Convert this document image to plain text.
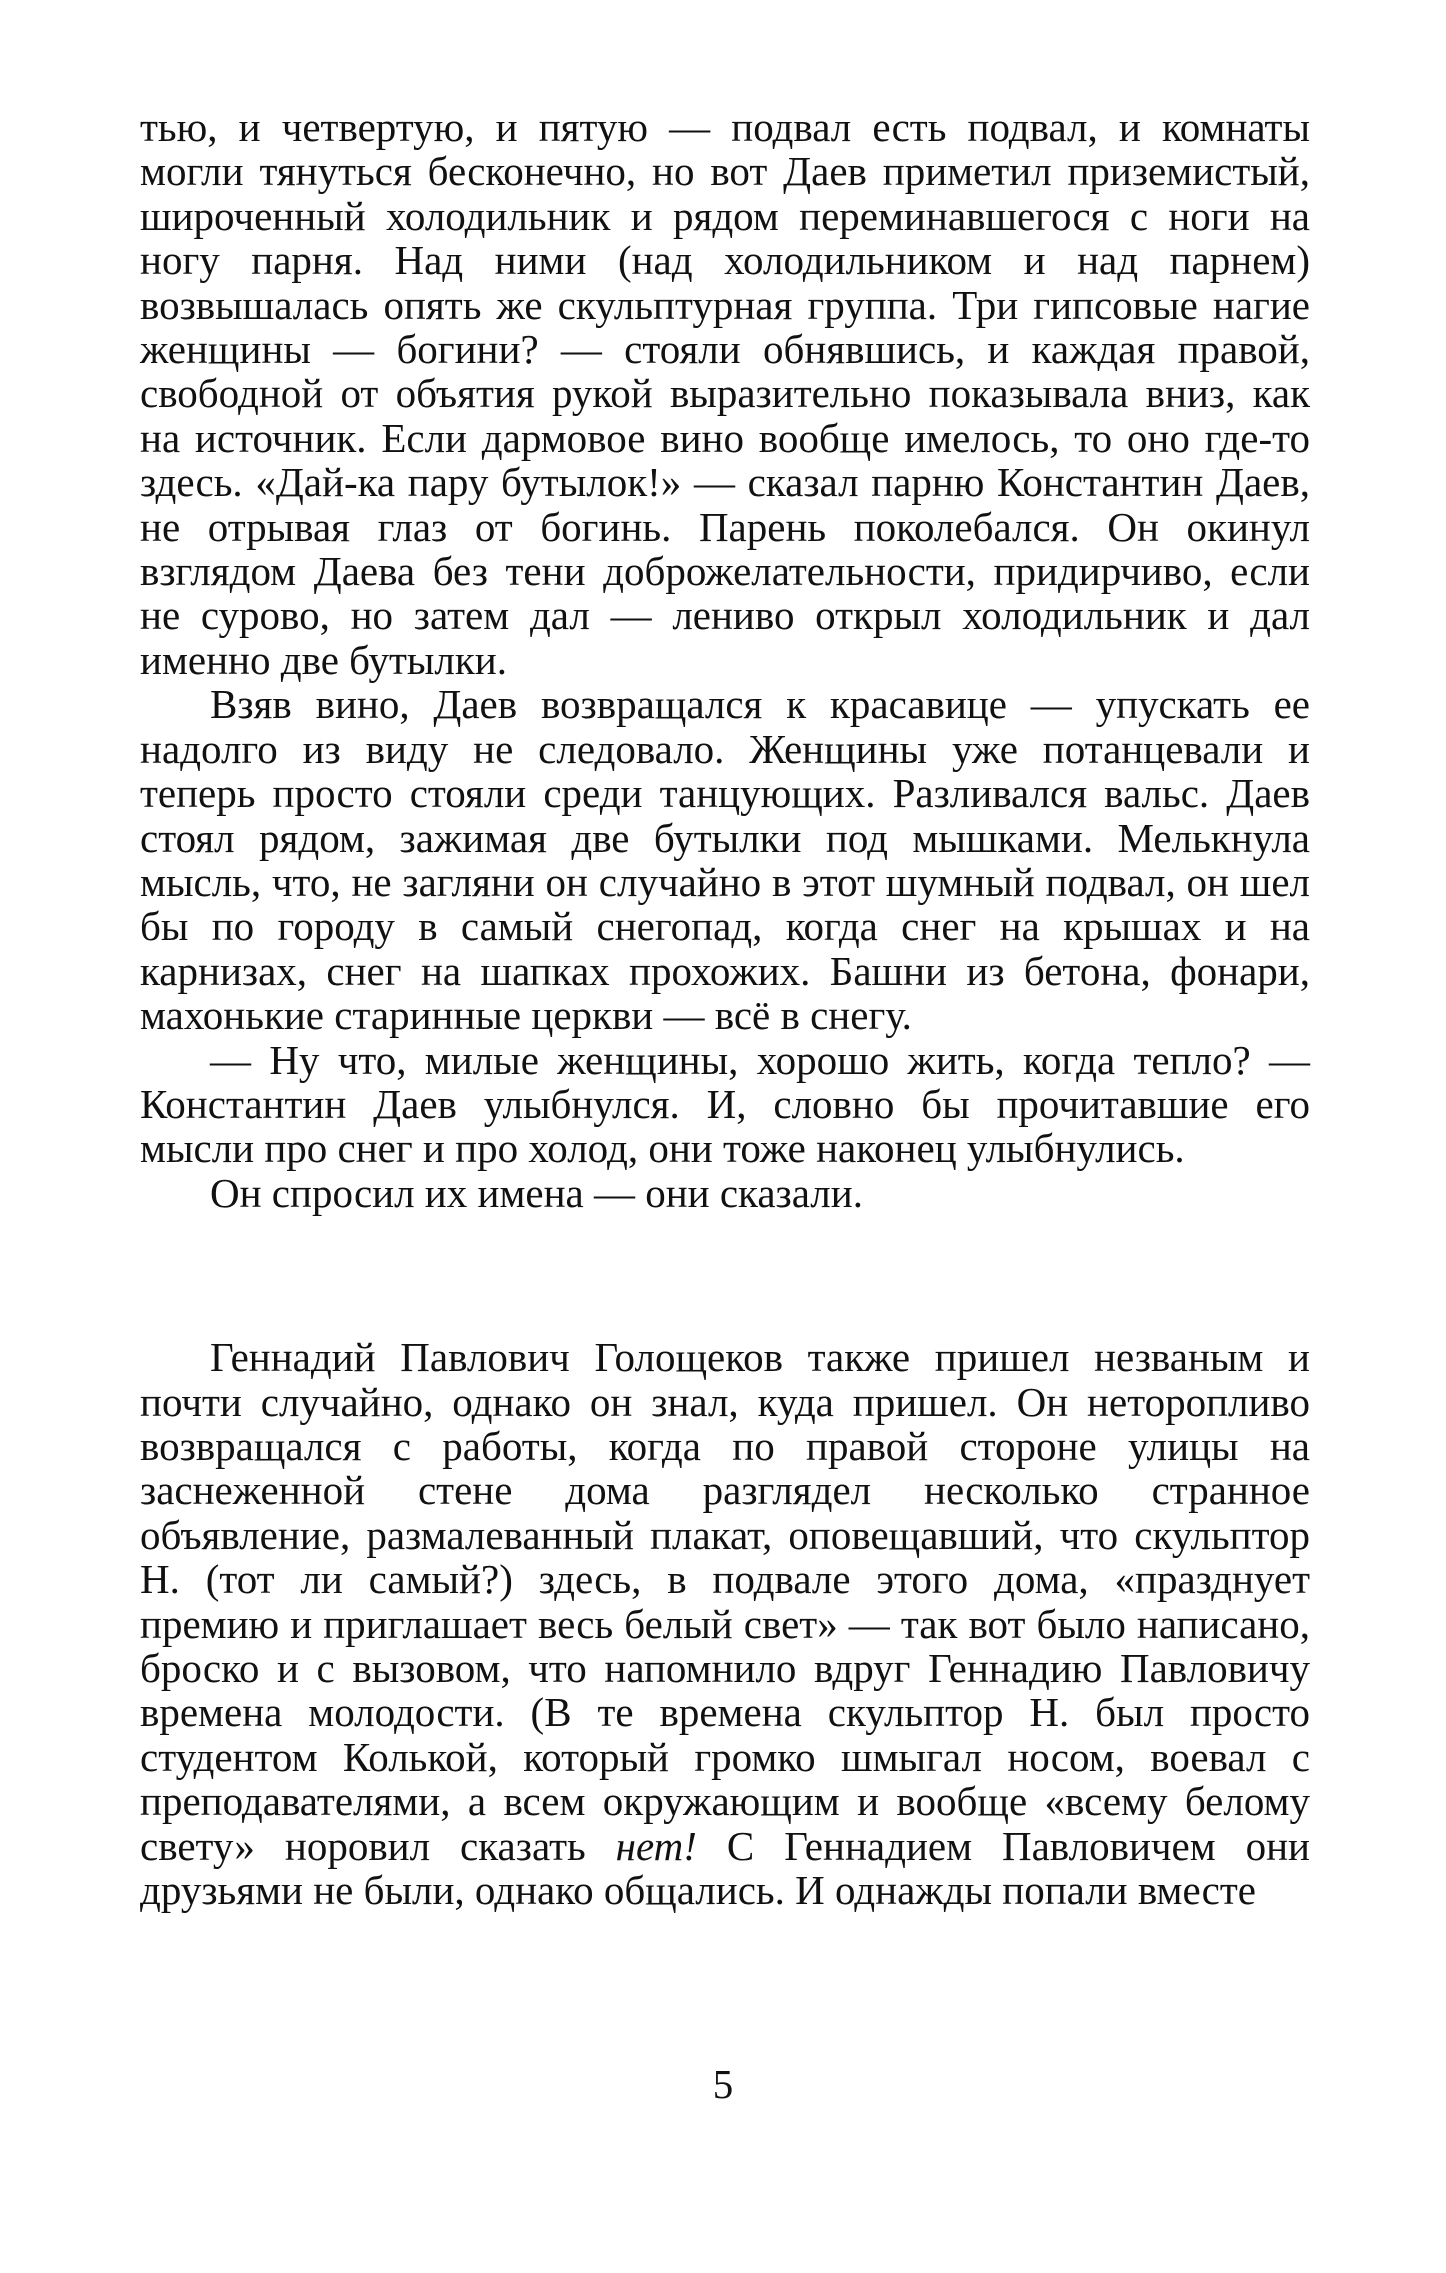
тью, и четвертую, и пятую — подвал есть подвал, и комнаты могли тянуться бесконечно, но вот Даев приметил приземистый, широченный холодильник и рядом переминавшегося с ноги на ногу парня. Над ними (над холодильником и над парнем) возвышалась опять же скульптурная группа. Три гипсовые нагие женщины — богини? — стояли обнявшись, и каждая правой, свободной от объятия рукой выразительно показывала вниз, как на источник. Если дармовое вино вообще имелось, то оно где-то здесь. «Дай-ка пару бутылок!» — сказал парню Константин Даев, не отрывая глаз от богинь. Парень поколебался. Он окинул взглядом Даева без тени доброжелательности, придирчиво, если не сурово, но затем дал — лениво открыл холодильник и дал именно две бутылки.

Взяв вино, Даев возвращался к красавице — упускать ее надолго из виду не следовало. Женщины уже потанцевали и теперь просто стояли среди танцующих. Разливался вальс. Даев стоял рядом, зажимая две бутылки под мышками. Мелькнула мысль, что, не загляни он случайно в этот шумный подвал, он шел бы по городу в самый снегопад, когда снег на крышах и на карнизах, снег на шапках прохожих. Башни из бетона, фонари, махонькие старинные церкви — всё в снегу.

— Ну что, милые женщины, хорошо жить, когда тепло? — Константин Даев улыбнулся. И, словно бы прочитавшие его мысли про снег и про холод, они тоже наконец улыбнулись.

Он спросил их имена — они сказали.

Геннадий Павлович Голощеков также пришел незваным и почти случайно, однако он знал, куда пришел. Он неторопливо возвращался с работы, когда по правой стороне улицы на заснеженной стене дома разглядел несколько странное объявление, размалеванный плакат, оповещавший, что скульптор Н. (тот ли самый?) здесь, в подвале этого дома, «празднует премию и приглашает весь белый свет» — так вот было написано, броско и с вызовом, что напомнило вдруг Геннадию Павловичу времена молодости. (В те времена скульптор Н. был просто студентом Колькой, который громко шмыгал носом, воевал с преподавателями, а всем окружающим и вообще «всему белому свету» норовил сказать нет! С Геннадием Павловичем они друзьями не были, однако общались. И однажды попали вместе

5
